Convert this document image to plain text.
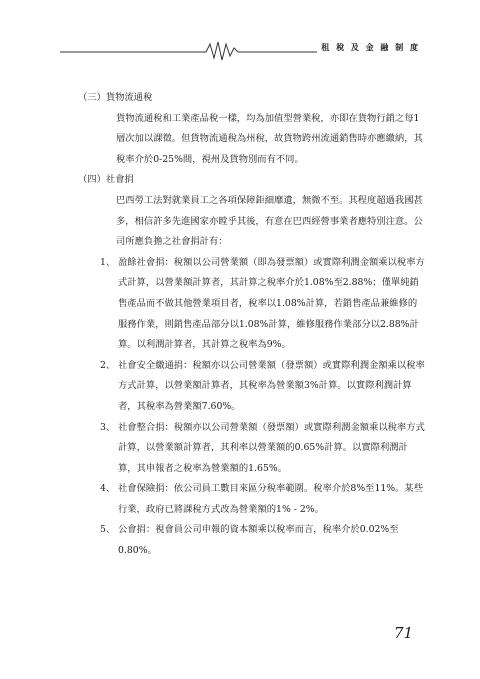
租 稅 及 金 融 制 度
（三）貨物流通稅
貨物流通稅和工業產品稅一樣，均為加值型營業稅，亦即在貨物行銷之每1層次加以課徵。但貨物流通稅為州稅，故貨物跨州流通銷售時亦應繳納，其稅率介於0-25%間，視州及貨物別而有不同。
（四）社會捐
巴西勞工法對就業員工之各項保障鉅細靡遺，無微不至。其程度超過我國甚多，相信許多先進國家亦瞠乎其後，有意在巴西經營事業者應特別注意。公司所應負擔之社會捐計有：
1、 盈餘社會捐：稅額以公司營業額（即為發票額）或實際利潤金額乘以稅率方式計算，以營業額計算者，其計算之稅率介於1.08%至2.88%；僅單純銷售產品而不做其他營業項目者，稅率以1.08%計算，若銷售產品兼維修的服務作業，則銷售產品部分以1.08%計算，維修服務作業部分以2.88%計算。以利潤計算者，其計算之稅率為9%。
2、 社會安全繳通捐：稅額亦以公司營業額（發票額）或實際利潤金額乘以稅率方式計算，以營業額計算者，其稅率為營業額3%計算。以實際利潤計算者，其稅率為營業額7.60%。
3、 社會整合捐：稅額亦以公司營業額（發票額）或實際利潤金額乘以稅率方式計算，以營業額計算者，其利率以營業額的0.65%計算。以實際利潤計算，其申報者之稅率為營業額的1.65%。
4、 社會保險捐：依公司員工數目來區分稅率範圍。稅率介於8%至11%。某些行業，政府已將課稅方式改為營業額的1% - 2%。
5、 公會捐：視會員公司申報的資本額乘以稅率而言，稅率介於0.02%至0.80%。
71
